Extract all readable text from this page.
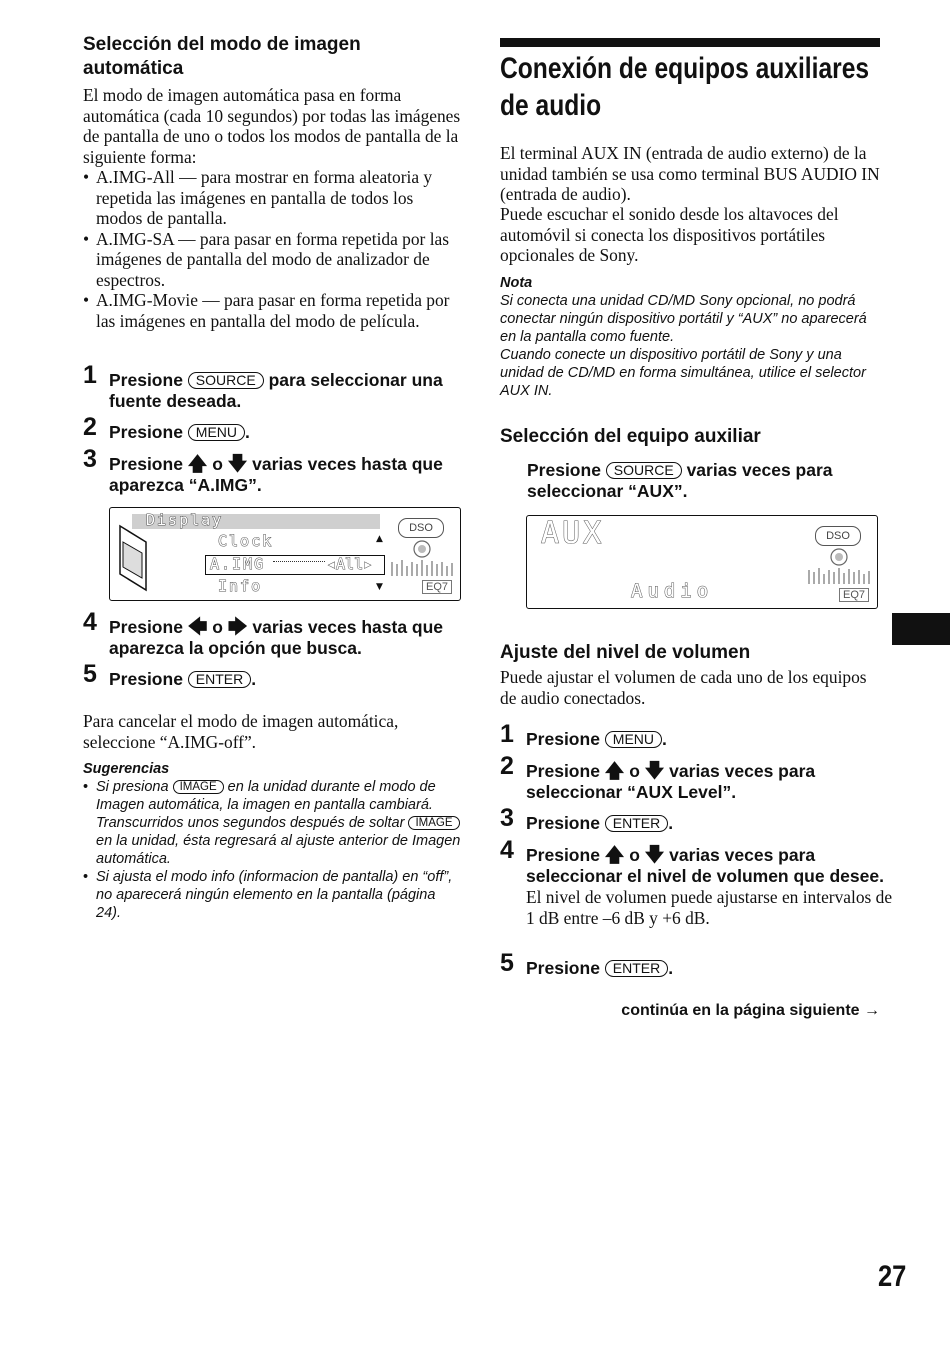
Selección del modo de imagen automática

El modo de imagen automática pasa en forma automática (cada 10 segundos) por todas las imágenes de pantalla de uno o todos los modos de pantalla de la siguiente forma:

• A.IMG-All — para mostrar en forma aleatoria y repetida las imágenes en pantalla de todos los modos de pantalla.
• A.IMG-SA — para pasar en forma repetida por las imágenes de pantalla del modo de analizador de espectros.
• A.IMG-Movie — para pasar en forma repetida por las imágenes en pantalla del modo de película.
1 Presione SOURCE para seleccionar una fuente deseada.
2 Presione MENU .
3 Presione 🡅 o 🡇 varias veces hasta que aparezca “A.IMG”.
Display
Clock	▲
A.IMG	◂All▸
Info	▼
DSO
EQ7
4 Presione 🡄 o 🡆 varias veces hasta que aparezca la opción que busca.
5 Presione ENTER .

Para cancelar el modo de imagen automática, seleccione “A.IMG-off”.

Sugerencias
• Si presiona IMAGE en la unidad durante el modo de Imagen automática, la imagen en pantalla cambiará. Transcurridos unos segundos después de soltar IMAGE en la unidad, ésta regresará al ajuste anterior de Imagen automática.
• Si ajusta el modo info (informacion de pantalla) en “off”, no aparecerá ningún elemento en la pantalla (página 24).
Conexión de equipos auxiliares de audio

El terminal AUX IN (entrada de audio externo) de la unidad también se usa como terminal BUS AUDIO IN (entrada de audio).

Puede escuchar el sonido desde los altavoces del automóvil si conecta los dispositivos portátiles opcionales de Sony.

Nota

Si conecta una unidad CD/MD Sony opcional, no podrá conectar ningún dispositivo portátil y “AUX” no aparecerá en la pantalla como fuente.

Cuando conecte un dispositivo portátil de Sony y una unidad de CD/MD en forma simultánea, utilice el selector AUX IN.

Selección del equipo auxiliar
Presione SOURCE varias veces para seleccionar “AUX”.
AUX
Audio
DSO
EQ7
Ajuste del nivel de volumen

Puede ajustar el volumen de cada uno de los equipos de audio conectados.

1 Presione MENU .
2 Presione 🡅 o 🡇 varias veces para seleccionar “AUX Level”.
3 Presione ENTER .
4 Presione 🡅 o 🡇 varias veces para seleccionar el nivel de volumen que desee.

El nivel de volumen puede ajustarse en intervalos de 1 dB entre –6 dB y +6 dB.

5 Presione ENTER .
continúa en la página siguiente →
27
